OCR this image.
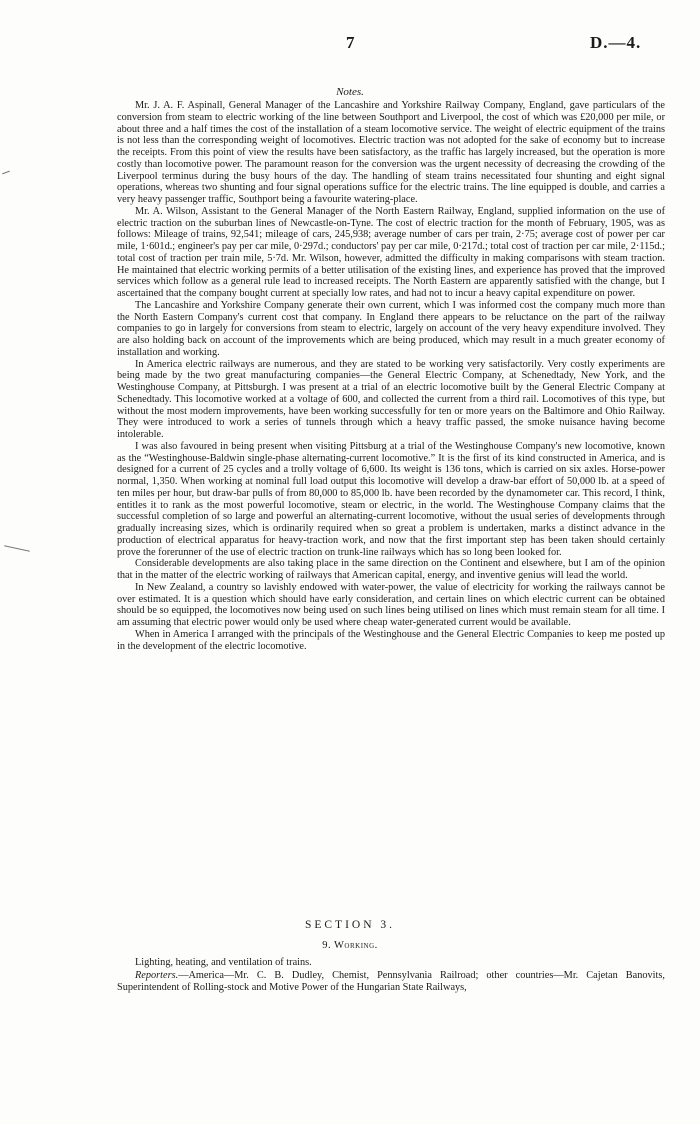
7	D.—4.
Notes.

Mr. J. A. F. Aspinall, General Manager of the Lancashire and Yorkshire Railway Company, England, gave particulars of the conversion from steam to electric working of the line between Southport and Liverpool, the cost of which was £20,000 per mile, or about three and a half times the cost of the installation of a steam locomotive service. The weight of electric equipment of the trains is not less than the corresponding weight of locomotives. Electric traction was not adopted for the sake of economy but to increase the receipts. From this point of view the results have been satisfactory, as the traffic has largely increased, but the operation is more costly than locomotive power. The paramount reason for the conversion was the urgent necessity of decreasing the crowding of the Liverpool terminus during the busy hours of the day. The handling of steam trains necessitated four shunting and eight signal operations, whereas two shunting and four signal operations suffice for the electric trains. The line equipped is double, and carries a very heavy passenger traffic, Southport being a favourite watering-place.

Mr. A. Wilson, Assistant to the General Manager of the North Eastern Railway, England, supplied information on the use of electric traction on the suburban lines of Newcastle-on-Tyne. The cost of electric traction for the month of February, 1905, was as follows: Mileage of trains, 92,541; mileage of cars, 245,938; average number of cars per train, 2·75; average cost of power per car mile, 1·601d.; engineer's pay per car mile, 0·297d.; conductors' pay per car mile, 0·217d.; total cost of traction per car mile, 2·115d.; total cost of traction per train mile, 5·7d. Mr. Wilson, however, admitted the difficulty in making comparisons with steam traction. He maintained that electric working permits of a better utilisation of the existing lines, and experience has proved that the improved services which follow as a general rule lead to increased receipts. The North Eastern are apparently satisfied with the change, but I ascertained that the company bought current at specially low rates, and had not to incur a heavy capital expenditure on power.

The Lancashire and Yorkshire Company generate their own current, which I was informed cost the company much more than the North Eastern Company's current cost that company. In England there appears to be reluctance on the part of the railway companies to go in largely for conversions from steam to electric, largely on account of the very heavy expenditure involved. They are also holding back on account of the improvements which are being produced, which may result in a much greater economy of installation and working.

In America electric railways are numerous, and they are stated to be working very satisfactorily. Very costly experiments are being made by the two great manufacturing companies—the General Electric Company, at Schenedtady, New York, and the Westinghouse Company, at Pittsburgh. I was present at a trial of an electric locomotive built by the General Electric Company at Schenedtady. This locomotive worked at a voltage of 600, and collected the current from a third rail. Locomotives of this type, but without the most modern improvements, have been working successfully for ten or more years on the Baltimore and Ohio Railway. They were introduced to work a series of tunnels through which a heavy traffic passed, the smoke nuisance having become intolerable.

I was also favoured in being present when visiting Pittsburg at a trial of the Westinghouse Company's new locomotive, known as the “Westinghouse-Baldwin single-phase alternating-current locomotive.” It is the first of its kind constructed in America, and is designed for a current of 25 cycles and a trolly voltage of 6,600. Its weight is 136 tons, which is carried on six axles. Horse-power normal, 1,350. When working at nominal full load output this locomotive will develop a draw-bar effort of 50,000 lb. at a speed of ten miles per hour, but draw-bar pulls of from 80,000 to 85,000 lb. have been recorded by the dynamometer car. This record, I think, entitles it to rank as the most powerful locomotive, steam or electric, in the world. The Westinghouse Company claims that the successful completion of so large and powerful an alternating-current locomotive, without the usual series of developments through gradually increasing sizes, which is ordinarily required when so great a problem is undertaken, marks a distinct advance in the production of electrical apparatus for heavy-traction work, and now that the first important step has been taken should certainly prove the forerunner of the use of electric traction on trunk-line railways which has so long been looked for.

Considerable developments are also taking place in the same direction on the Continent and elsewhere, but I am of the opinion that in the matter of the electric working of railways that American capital, energy, and inventive genius will lead the world.

In New Zealand, a country so lavishly endowed with water-power, the value of electricity for working the railways cannot be over estimated. It is a question which should have early consideration, and certain lines on which electric current can be obtained should be so equipped, the locomotives now being used on such lines being utilised on lines which must remain steam for all time. I am assuming that electric power would only be used where cheap water-generated current would be available.

When in America I arranged with the principals of the Westinghouse and the General Electric Companies to keep me posted up in the development of the electric locomotive.

SECTION 3.
9. Working.

Lighting, heating, and ventilation of trains.

Reporters.—America—Mr. C. B. Dudley, Chemist, Pennsylvania Railroad; other countries—Mr. Cajetan Banovits, Superintendent of Rolling-stock and Motive Power of the Hungarian State Railways,
